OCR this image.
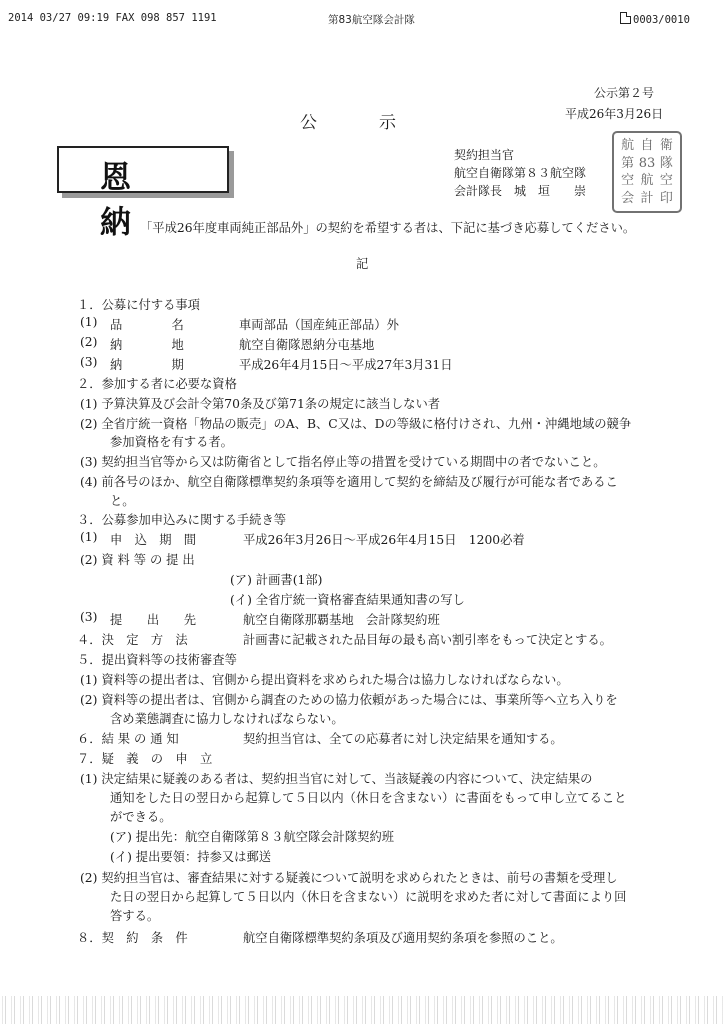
2014 03/27 09:19 FAX 098 857 1191	第83航空隊会計隊	0003/0010
公示第２号
平成26年3月26日
公示
恩納
契約担当官
航空自衛隊第８３航空隊
会計隊長　城　垣　　崇
航 自 衛
第 83 隊
空 航 空
会 計 印
「平成26年度車両純正部品外」の契約を希望する者は、下記に基づき応募してください。
記
１．公募に付する事項
(1) 品　　　　名	車両部品（国産純正部品）外
(2) 納　　　　地	航空自衛隊恩納分屯基地
(3) 納　　　　期	平成26年4月15日～平成27年3月31日
２．参加する者に必要な資格
(1) 予算決算及び会計令第70条及び第71条の規定に該当しない者
(2) 全省庁統一資格「物品の販売」のA、B、C又は、Dの等級に格付けされ、九州・沖縄地域の競争
参加資格を有する者。
(3) 契約担当官等から又は防衛省として指名停止等の措置を受けている期間中の者でないこと。
(4) 前各号のほか、航空自衛隊標準契約条項等を適用して契約を締結及び履行が可能な者であるこ
と。
３．公募参加申込みに関する手続き等
(1) 申　込　期　間	平成26年3月26日～平成26年4月15日　1200必着
(2) 資 料 等 の 提 出
(ア) 計画書(1部)
(イ) 全省庁統一資格審査結果通知書の写し
(3) 提　　出　　先	航空自衛隊那覇基地　会計隊契約班
４．決　定　方　法	計画書に記載された品目毎の最も高い割引率をもって決定とする。
５．提出資料等の技術審査等
(1) 資料等の提出者は、官側から提出資料を求められた場合は協力しなければならない。
(2) 資料等の提出者は、官側から調査のための協力依頼があった場合には、事業所等へ立ち入りを
含め業態調査に協力しなければならない。
６．結 果 の 通 知	契約担当官は、全ての応募者に対し決定結果を通知する。
７．疑　義　の　申　立
(1) 決定結果に疑義のある者は、契約担当官に対して、当該疑義の内容について、決定結果の
通知をした日の翌日から起算して５日以内（休日を含まない）に書面をもって申し立てること
ができる。
(ア) 提出先：航空自衛隊第８３航空隊会計隊契約班
(イ) 提出要領：持参又は郵送
(2) 契約担当官は、審査結果に対する疑義について説明を求められたときは、前号の書類を受理し
た日の翌日から起算して５日以内（休日を含まない）に説明を求めた者に対して書面により回
答する。
８．契　約　条　件	航空自衛隊標準契約条項及び適用契約条項を参照のこと。
